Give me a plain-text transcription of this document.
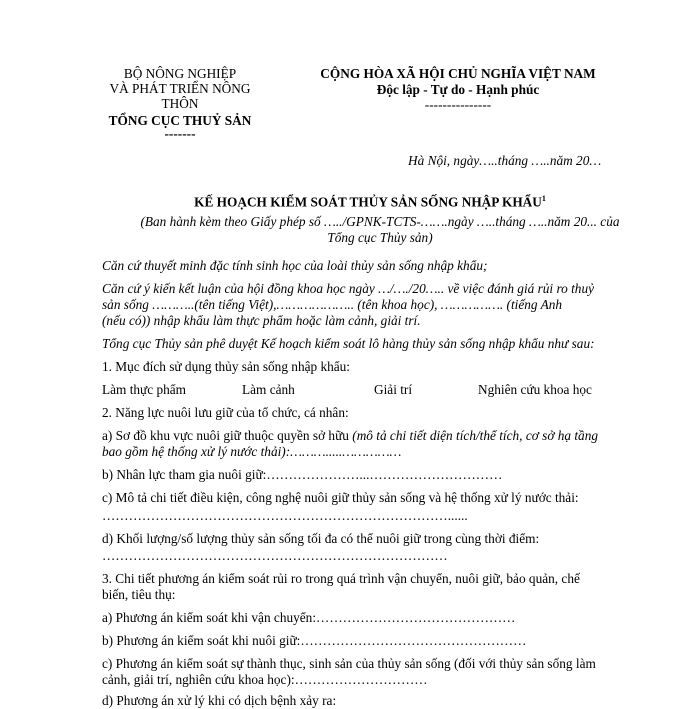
BỘ NÔNG NGHIỆP
VÀ PHÁT TRIỂN NÔNG
THÔN
TỔNG CỤC THUỶ SẢN
-------
CỘNG HÒA XÃ HỘI CHỦ NGHĨA VIỆT NAM
Độc lập - Tự do - Hạnh phúc
---------------
Hà Nội, ngày…..tháng …..năm 20…
KẾ HOẠCH KIỂM SOÁT THỦY SẢN SỐNG NHẬP KHẨU$^1$
(Ban hành kèm theo Giấy phép số …../GPNK-TCTS-…….ngày …..tháng …..năm 20... của
Tổng cục Thủy sản)
Căn cứ thuyết minh đặc tính sinh học của loài thủy sản sống nhập khẩu;
Căn cứ ý kiến kết luận của hội đồng khoa học ngày …/…./20….. về việc đánh giá rủi ro thuỷ
sản sống ………..(tên tiếng Việt),……………….. (tên khoa học), ……………. (tiếng Anh
(nếu có)) nhập khẩu làm thực phẩm hoặc làm cảnh, giải trí.
Tổng cục Thủy sản phê duyệt Kế hoạch kiểm soát lô hàng thủy sản sống nhập khẩu như sau:
1. Mục đích sử dụng thủy sản sống nhập khẩu:
Làm thực phẩm	Làm cảnh	Giải trí	Nghiên cứu khoa học
2. Năng lực nuôi lưu giữ của tổ chức, cá nhân:
a) Sơ đồ khu vực nuôi giữ thuộc quyền sở hữu (mô tả chi tiết diện tích/thể tích, cơ sở hạ tầng
bao gồm hệ thống xử lý nước thải):……….....……………
b) Nhân lực tham gia nuôi giữ:…………………...…………………………
c) Mô tả chi tiết điều kiện, công nghệ nuôi giữ thủy sản sống và hệ thống xử lý nước thải:
……………………………………………………………………......
d) Khối lượng/số lượng thủy sản sống tối đa có thể nuôi giữ trong cùng thời điểm:
……………………………………………………………………
3. Chi tiết phương án kiểm soát rủi ro trong quá trình vận chuyển, nuôi giữ, bảo quản, chế
biến, tiêu thụ:
a) Phương án kiểm soát khi vận chuyển:………………………………………
b) Phương án kiểm soát khi nuôi giữ:……………………………………………
c) Phương án kiểm soát sự thành thục, sinh sản của thủy sản sống (đối với thủy sản sống làm
cảnh, giải trí, nghiên cứu khoa học):…………………………
d) Phương án xử lý khi có dịch bệnh xảy ra:
